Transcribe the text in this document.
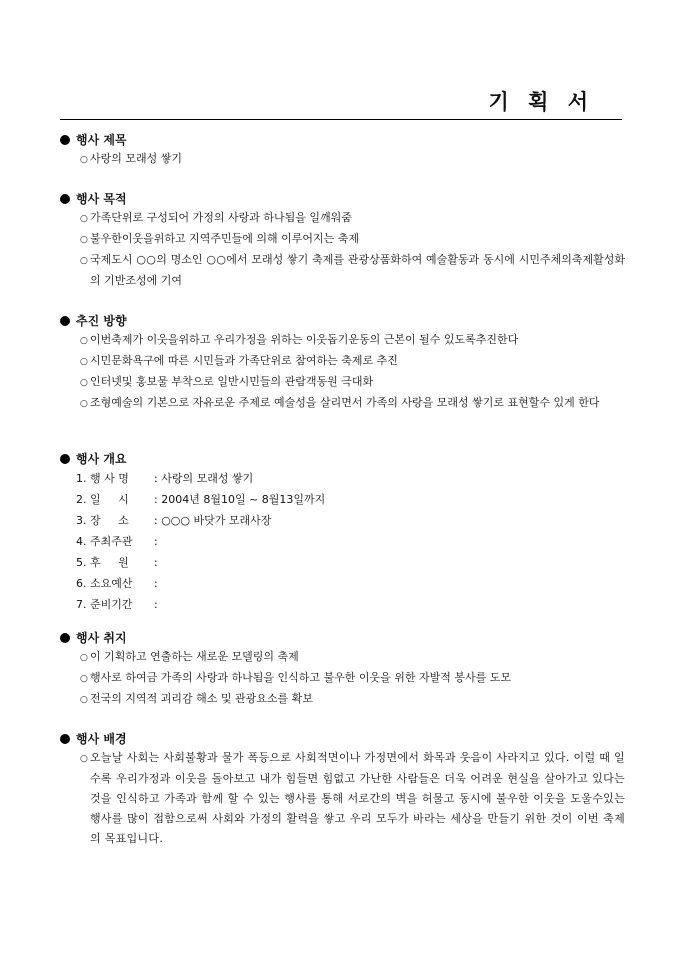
기 획 서
행사 제목
○ 사랑의 모래성 쌓기
행사 목적
○ 가족단위로 구성되어 가정의 사랑과 하나됨을 일깨워줌
○ 불우한이웃을위하고 지역주민들에 의해 이루어지는 축제
○ 국제도시 ○○의 명소인 ○○에서 모래성 쌓기 축제를 관광상품화하여 예술활동과 동시에 시민주체의축제활성화의 기반조성에 기여
추진 방향
○ 이번축제가 이웃을위하고 우리가정을 위하는 이웃돕기운동의 근본이 될수 있도록추진한다
○ 시민문화욕구에 따른 시민들과 가족단위로 참여하는 축제로 추진
○ 인터넷및 홍보물 부착으로 일반시민들의 관람객동원 극대화
○ 조형예술의 기본으로 자유로운 주제로 예술성을 살리면서 가족의 사랑을 모래성 쌓기로 표현할수 있게 한다
행사 개요
1. 행 사 명 : 사랑의 모래성 쌓기
2. 일     시 : 2004년 8월10일 ~ 8월13일까지
3. 장     소 : ○○○ 바닷가 모래사장
4. 주최주관 :
5. 후     원 :
6. 소요예산 :
7. 준비기간 :
행사 취지
○ 이 기획하고 연출하는 새로운 모델링의 축제
○ 행사로 하여금 가족의 사랑과 하나됨을 인식하고 불우한 이웃을 위한 자발적 봉사를 도모
○ 전국의 지역적 괴리감 해소 및 관광요소를 확보
행사 배경
○ 오늘날 사회는 사회불황과 물가 폭등으로 사회적면이나 가정면에서 화목과 웃음이 사라지고 있다. 이럴 때 일수록 우리가정과 이웃을 돌아보고 내가 힘들면 힘없고 가난한 사람들은 더욱 어려운 현실을 살아가고 있다는 것을 인식하고 가족과 함께 할 수 있는 행사를 통해 서로간의 벽을 허물고 동시에 불우한 이웃을 도울수있는 행사를 많이 접함으로써 사회와 가정의 활력을 쌓고 우리 모두가 바라는 세상을 만들기 위한 것이 이번 축제의 목표입니다.
